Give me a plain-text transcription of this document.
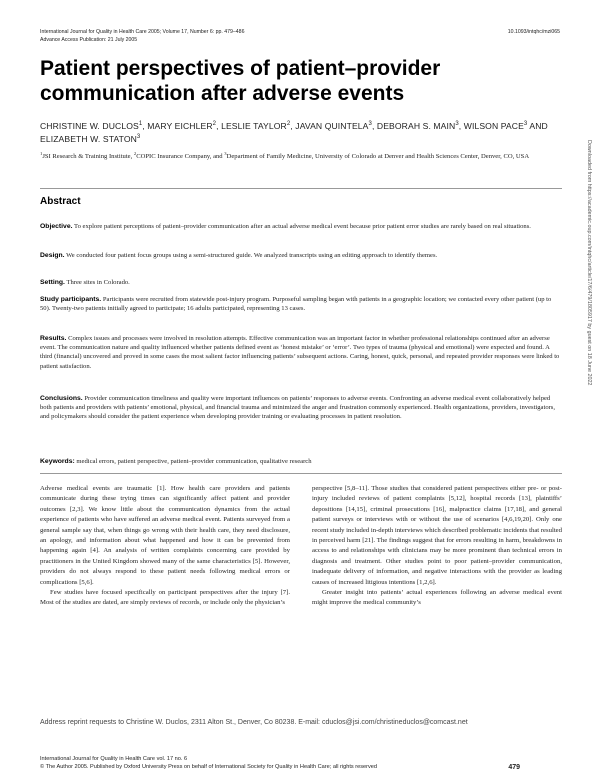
International Journal for Quality in Health Care 2005; Volume 17, Number 6: pp. 479–486
Advance Access Publication: 21 July 2005
10.1093/intqhc/mzi065
Patient perspectives of patient–provider communication after adverse events
CHRISTINE W. DUCLOS$^1$, MARY EICHLER$^2$, LESLIE TAYLOR$^2$, JAVAN QUINTELA$^3$, DEBORAH S. MAIN$^3$, WILSON PACE$^3$ AND ELIZABETH W. STATON$^3$
$^1$JSI Research & Training Institute, $^2$COPIC Insurance Company, and $^3$Department of Family Medicine, University of Colorado at Denver and Health Sciences Center, Denver, CO, USA
Abstract

Objective. To explore patient perceptions of patient–provider communication after an actual adverse medical event because prior patient error studies are rarely based on real situations.

Design. We conducted four patient focus groups using a semi-structured guide. We analyzed transcripts using an editing approach to identify themes.

Setting. Three sites in Colorado.

Study participants. Participants were recruited from statewide post-injury program. Purposeful sampling began with patients in a geographic location; we contacted every other patient (up to 50). Twenty-two patients initially agreed to participate; 16 adults participated, representing 13 cases.

Results. Complex issues and processes were involved in resolution attempts. Effective communication was an important factor in whether professional relationships continued after an adverse event. The communication nature and quality influenced whether patients defined event as ‘honest mistake’ or ‘error’. Two types of trauma (physical and emotional) were expected and found. A third (financial) uncovered and proved in some cases the most salient factor influencing patients’ subsequent actions. Caring, honest, quick, personal, and repeated provider responses were linked to patient satisfaction.

Conclusions. Provider communication timeliness and quality were important influences on patients’ responses to adverse events. Confronting an adverse medical event collaboratively helped both patients and providers with patients’ emotional, physical, and financial trauma and minimized the anger and frustration commonly experienced. Health organizations, providers, investigators, and policymakers should consider the patient experience when developing provider training or evaluating processes in patient resolution.

Keywords: medical errors, patient perspective, patient–provider communication, qualitative research

Adverse medical events are traumatic [1]. How health care providers and patients communicate during these trying times can significantly affect patient and provider outcomes [2,3]. We know little about the communication dynamics from the actual experience of patients who have suffered an adverse medical event. Patients surveyed from a general sample say that, when things go wrong with their health care, they need disclosure, an apology, and information about what happened and how it can be prevented from happening again [4]. An analysis of written complaints concerning care provided by practitioners in the United Kingdom showed many of the same characteristics [5]. However, providers do not always respond to these patient needs following medical errors or complications [5,6].

Few studies have focused specifically on participant perspectives after the injury [7]. Most of the studies are dated, are simply reviews of records, or include only the physician’s

perspective [5,8–11]. Those studies that considered patient perspectives either pre- or post-injury included reviews of patient complaints [5,12], hospital records [13], plaintiffs’ depositions [14,15], criminal prosecutions [16], malpractice claims [17,18], and general patient surveys or interviews with or without the use of scenarios [4,6,19,20]. Only one recent study included in-depth interviews which described problematic incidents that resulted in perceived harm [21]. The findings suggest that for errors resulting in harm, breakdowns in access to and relationships with clinicians may be more prominent than technical errors in diagnosis and treatment. Other studies point to poor patient–provider communication, inadequate delivery of information, and negative interactions with the provider as leading causes of increased litigious intentions [1,2,6].

Greater insight into patients’ actual experiences following an adverse medical event might improve the medical community’s

Address reprint requests to Christine W. Duclos, 2311 Alton St., Denver, Co 80238. E-mail: cduclos@jsi.com/christineduclos@comcast.net
International Journal for Quality in Health Care vol. 17 no. 6
© The Author 2005. Published by Oxford University Press on behalf of International Society for Quality in Health Care; all rights reserved	479
Downloaded from https://academic.oup.com/intqhc/article/17/6/479/1805917 by guest on 18 June 2022
